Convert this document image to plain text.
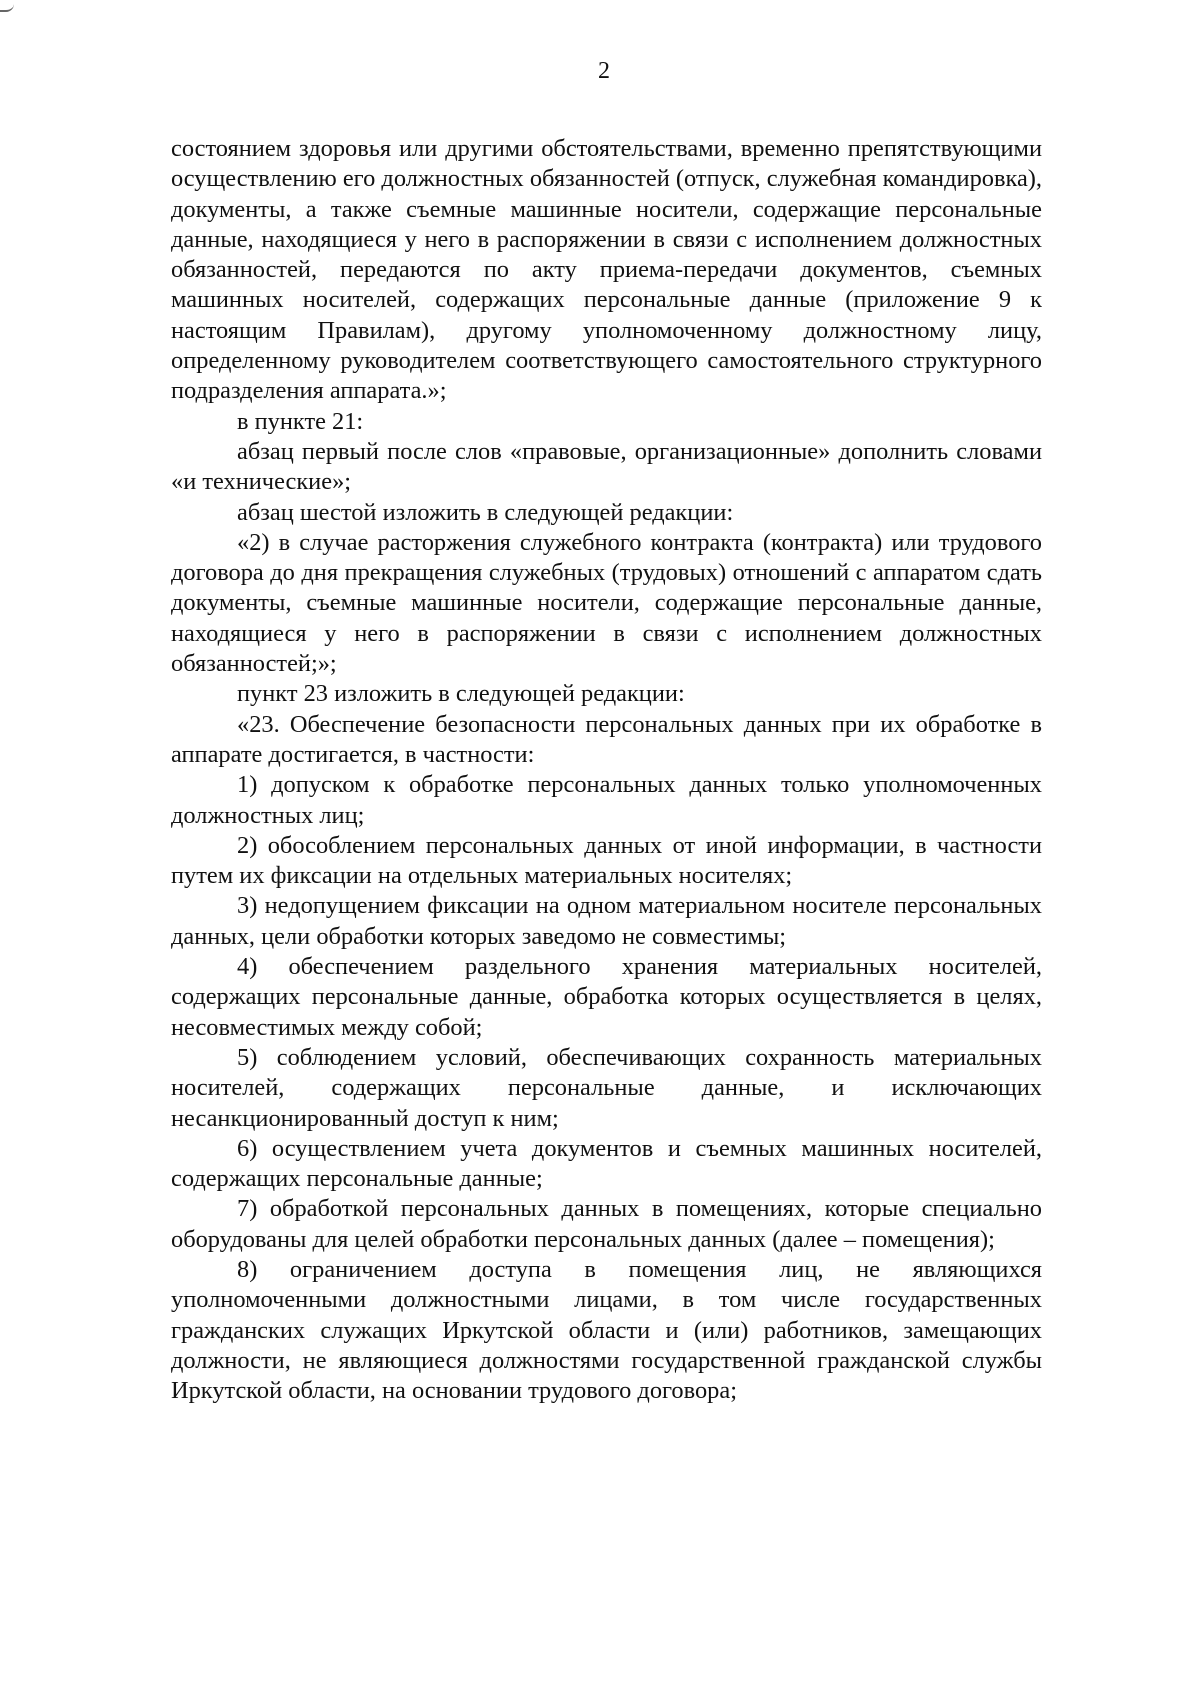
2

состоянием здоровья или другими обстоятельствами, временно препятствующими осуществлению его должностных обязанностей (отпуск, служебная командировка), документы, а также съемные машинные носители, содержащие персональные данные, находящиеся у него в распоряжении в связи с исполнением должностных обязанностей, передаются по акту приема-передачи документов, съемных машинных носителей, содержащих персональные данные (приложение 9 к настоящим Правилам), другому уполномоченному должностному лицу, определенному руководителем соответствующего самостоятельного структурного подразделения аппарата.»;

в пункте 21:

абзац первый после слов «правовые, организационные» дополнить словами «и технические»;

абзац шестой изложить в следующей редакции:

«2) в случае расторжения служебного контракта (контракта) или трудового договора до дня прекращения служебных (трудовых) отношений с аппаратом сдать документы, съемные машинные носители, содержащие персональные данные, находящиеся у него в распоряжении в связи с исполнением должностных обязанностей;»;

пункт 23 изложить в следующей редакции:

«23. Обеспечение безопасности персональных данных при их обработке в аппарате достигается, в частности:

1) допуском к обработке персональных данных только уполномоченных должностных лиц;

2) обособлением персональных данных от иной информации, в частности путем их фиксации на отдельных материальных носителях;

3) недопущением фиксации на одном материальном носителе персональных данных, цели обработки которых заведомо не совместимы;

4) обеспечением раздельного хранения материальных носителей, содержащих персональные данные, обработка которых осуществляется в целях, несовместимых между собой;

5) соблюдением условий, обеспечивающих сохранность материальных носителей, содержащих персональные данные, и исключающих несанкционированный доступ к ним;

6) осуществлением учета документов и съемных машинных носителей, содержащих персональные данные;

7) обработкой персональных данных в помещениях, которые специально оборудованы для целей обработки персональных данных (далее – помещения);

8) ограничением доступа в помещения лиц, не являющихся уполномоченными должностными лицами, в том числе государственных гражданских служащих Иркутской области и (или) работников, замещающих должности, не являющиеся должностями государственной гражданской службы Иркутской области, на основании трудового договора;
